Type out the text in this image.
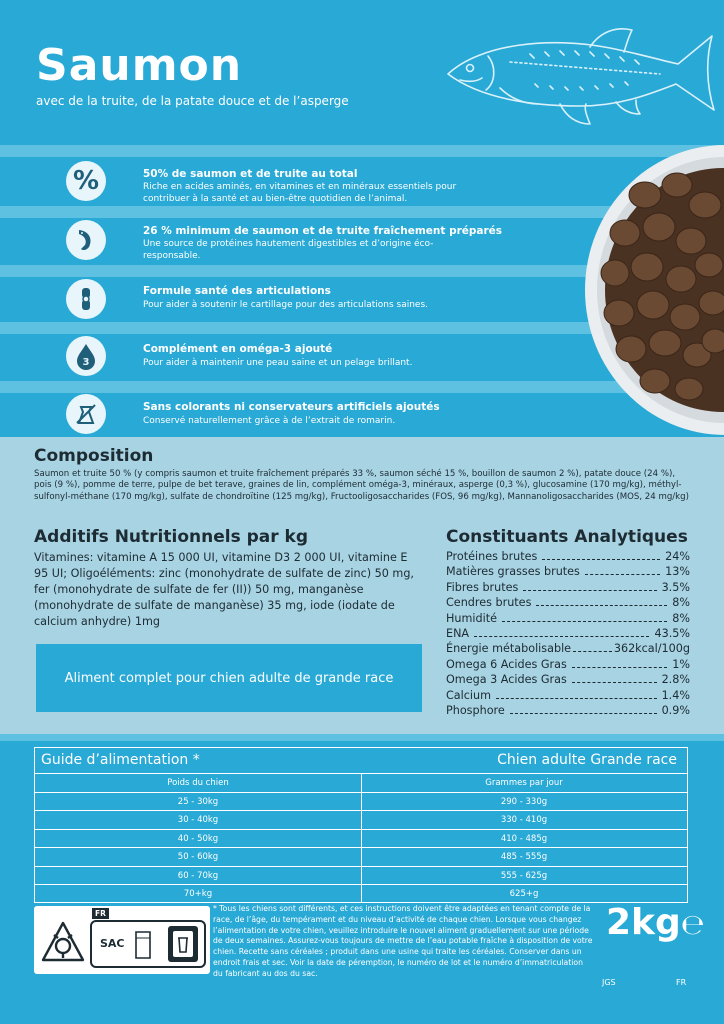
Saumon
avec de la truite, de la patate douce et de l’asperge
%	50% de saumon et de truite au total
Riche en acides aminés, en vitamines et en minéraux essentiels pour contribuer à la santé et au bien-être quotidien de l’animal.
26 % minimum de saumon et de truite fraîchement préparés
Une source de protéines hautement digestibles et d’origine éco-responsable.
Formule santé des articulations
Pour aider à soutenir le cartillage pour des articulations saines.
3
Complément en oméga-3 ajouté
Pour aider à maintenir une peau saine et un pelage brillant.
Sans colorants ni conservateurs artificiels ajoutés
Conservé naturellement grâce à de l’extrait de romarin.
Composition
Saumon et truite 50 % (y compris saumon et truite fraîchement préparés 33 %, saumon séché 15 %, bouillon de saumon 2 %), patate douce (24 %), pois (9 %), pomme de terre, pulpe de bet terave, graines de lin, complément oméga-3, minéraux, asperge (0,3 %), glucosamine (170 mg/kg), méthyl-sulfonyl-méthane (170 mg/kg), sulfate de chondroïtine (125 mg/kg), Fructooligosaccharides (FOS, 96 mg/kg), Mannanoligosaccharides (MOS, 24 mg/kg)
Additifs Nutritionnels par kg
Vitamines: vitamine A 15 000 UI, vitamine D3 2 000 UI, vitamine E 95 UI; Oligoéléments: zinc (monohydrate de sulfate de zinc) 50 mg, fer (monohydrate de sulfate de fer (II)) 50 mg, manganèse (monohydrate de sulfate de manganèse) 35 mg, iode (iodate de calcium anhydre) 1mg
Aliment complet pour chien adulte de grande race
Constituants Analytiques
Protéines brutes	24%
Matières grasses brutes	13%
Fibres brutes	3.5%
Cendres brutes	8%
Humidité	8%
ENA	43.5%
Énergie métabolisable	362kcal/100g
Omega 6 Acides Gras	1%
Omega 3 Acides Gras	2.8%
Calcium	1.4%
Phosphore	0.9%
Guide d’alimentation *	Chien adulte Grande race
Poids du chien	Grammes par jour
25 - 30kg	290 - 330g
30 - 40kg	330 - 410g
40 - 50kg	410 - 485g
50 - 60kg	485 - 555g
60 - 70kg	555 - 625g
70+kg	625+g
FR
SAC
* Tous les chiens sont différents, et ces instructions doivent être adaptées en tenant compte de la race, de l’âge, du tempérament et du niveau d’activité de chaque chien. Lorsque vous changez l’alimentation de votre chien, veuillez introduire le nouvel aliment graduellement sur une période de deux semaines. Assurez-vous toujours de mettre de l’eau potable fraîche à disposition de votre chien. Recette sans céréales ; produit dans une usine qui traite les céréales. Conserver dans un endroit frais et sec. Voir la date de péremption, le numéro de lot et le numéro d’immatriculation du fabricant au dos du sac.
2kg℮
JGS	FR
